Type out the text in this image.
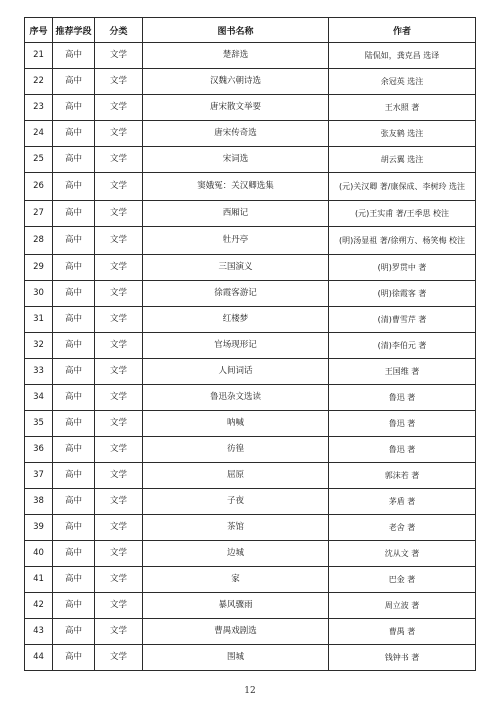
序号	推荐学段	分类	图书名称	作者
21	高中	文学	楚辞选	陆侃如，龚克昌 选译
22	高中	文学	汉魏六朝诗选	余冠英 选注
23	高中	文学	唐宋散文举要	王水照 著
24	高中	文学	唐宋传奇选	张友鹤 选注
25	高中	文学	宋词选	胡云翼 选注
26	高中	文学	窦娥冤：关汉卿选集	(元)关汉卿 著/康保成、李树玲 选注
27	高中	文学	西厢记	(元)王实甫 著/王季思 校注
28	高中	文学	牡丹亭	(明)汤显祖 著/徐朔方、杨笑梅 校注
29	高中	文学	三国演义	(明)罗贯中 著
30	高中	文学	徐霞客游记	(明)徐霞客 著
31	高中	文学	红楼梦	(清)曹雪芹 著
32	高中	文学	官场现形记	(清)李伯元 著
33	高中	文学	人间词话	王国维 著
34	高中	文学	鲁迅杂文选读	鲁迅 著
35	高中	文学	呐喊	鲁迅 著
36	高中	文学	彷徨	鲁迅 著
37	高中	文学	屈原	郭沫若 著
38	高中	文学	子夜	茅盾 著
39	高中	文学	茶馆	老舍 著
40	高中	文学	边城	沈从文 著
41	高中	文学	家	巴金 著
42	高中	文学	暴风骤雨	周立波 著
43	高中	文学	曹禺戏剧选	曹禺 著
44	高中	文学	围城	钱钟书 著
12
